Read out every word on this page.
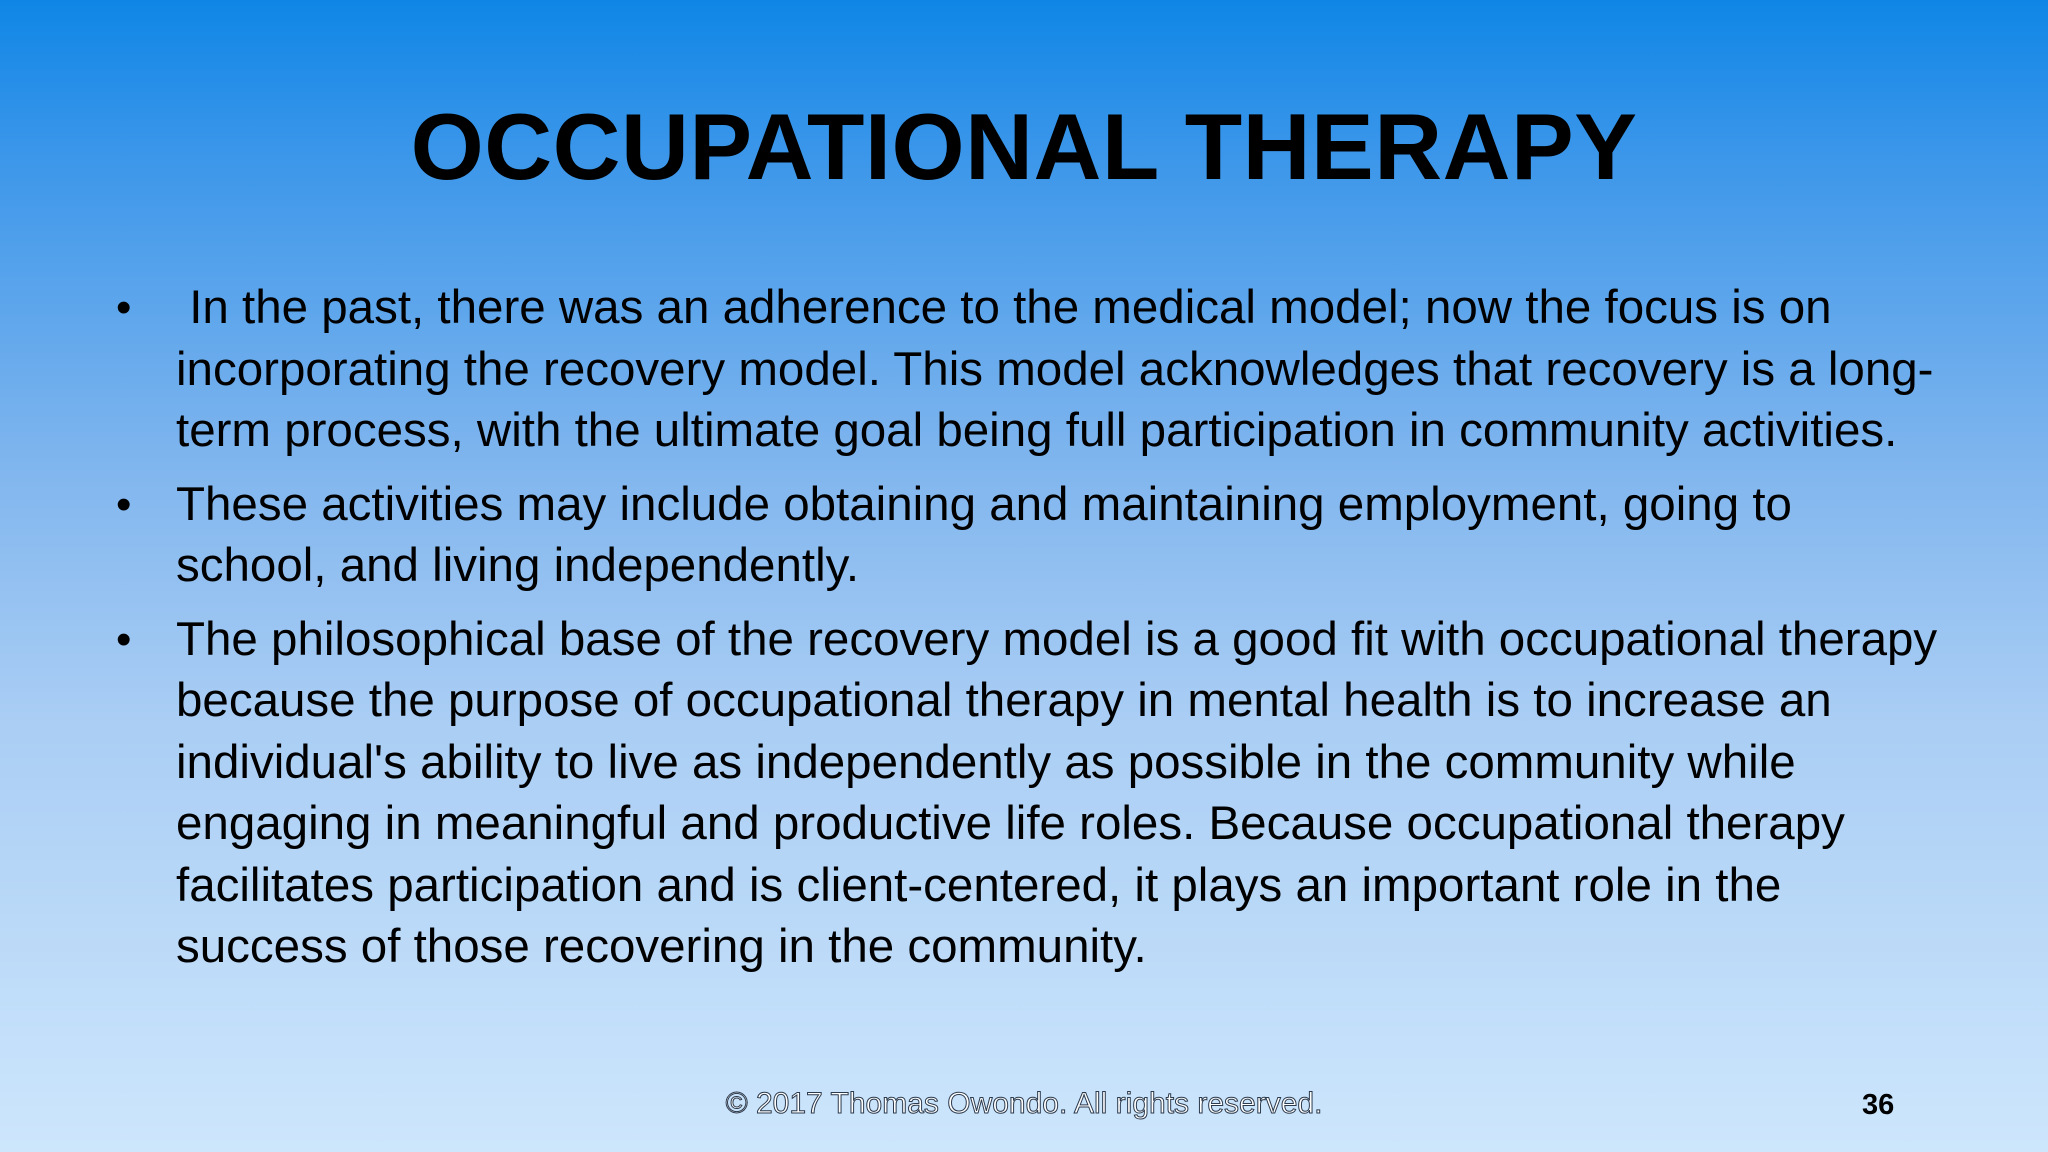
OCCUPATIONAL THERAPY
• In the past, there was an adherence to the medical model; now the focus is on incorporating the recovery model. This model acknowledges that recovery is a long-term process, with the ultimate goal being full participation in community activities.
• These activities may include obtaining and maintaining employment, going to school, and living independently.
• The philosophical base of the recovery model is a good fit with occupational therapy because the purpose of occupational therapy in mental health is to increase an individual's ability to live as independently as possible in the community while engaging in meaningful and productive life roles. Because occupational therapy facilitates participation and is client-centered, it plays an important role in the success of those recovering in the community.
© 2017 Thomas Owondo. All rights reserved.	36
